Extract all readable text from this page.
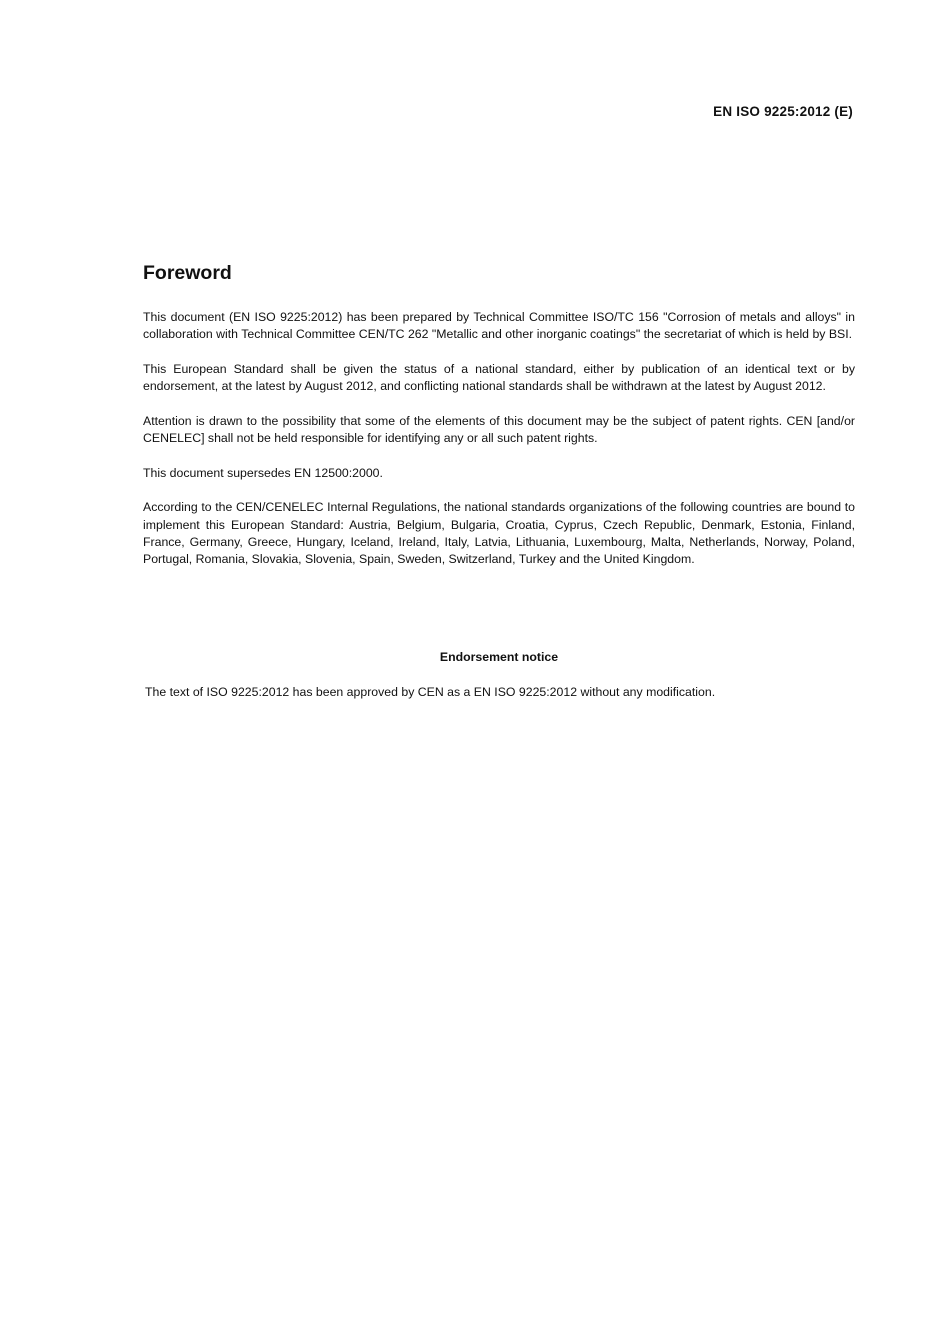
EN ISO 9225:2012 (E)
Foreword

This document (EN ISO 9225:2012) has been prepared by Technical Committee ISO/TC 156 "Corrosion of metals and alloys" in collaboration with Technical Committee CEN/TC 262 "Metallic and other inorganic coatings" the secretariat of which is held by BSI.

This European Standard shall be given the status of a national standard, either by publication of an identical text or by endorsement, at the latest by August 2012, and conflicting national standards shall be withdrawn at the latest by August 2012.

Attention is drawn to the possibility that some of the elements of this document may be the subject of patent rights. CEN [and/or CENELEC] shall not be held responsible for identifying any or all such patent rights.

This document supersedes EN 12500:2000.

According to the CEN/CENELEC Internal Regulations, the national standards organizations of the following countries are bound to implement this European Standard: Austria, Belgium, Bulgaria, Croatia, Cyprus, Czech Republic, Denmark, Estonia, Finland, France, Germany, Greece, Hungary, Iceland, Ireland, Italy, Latvia, Lithuania, Luxembourg, Malta, Netherlands, Norway, Poland, Portugal, Romania, Slovakia, Slovenia, Spain, Sweden, Switzerland, Turkey and the United Kingdom.

Endorsement notice
The text of ISO 9225:2012 has been approved by CEN as a EN ISO 9225:2012 without any modification.
